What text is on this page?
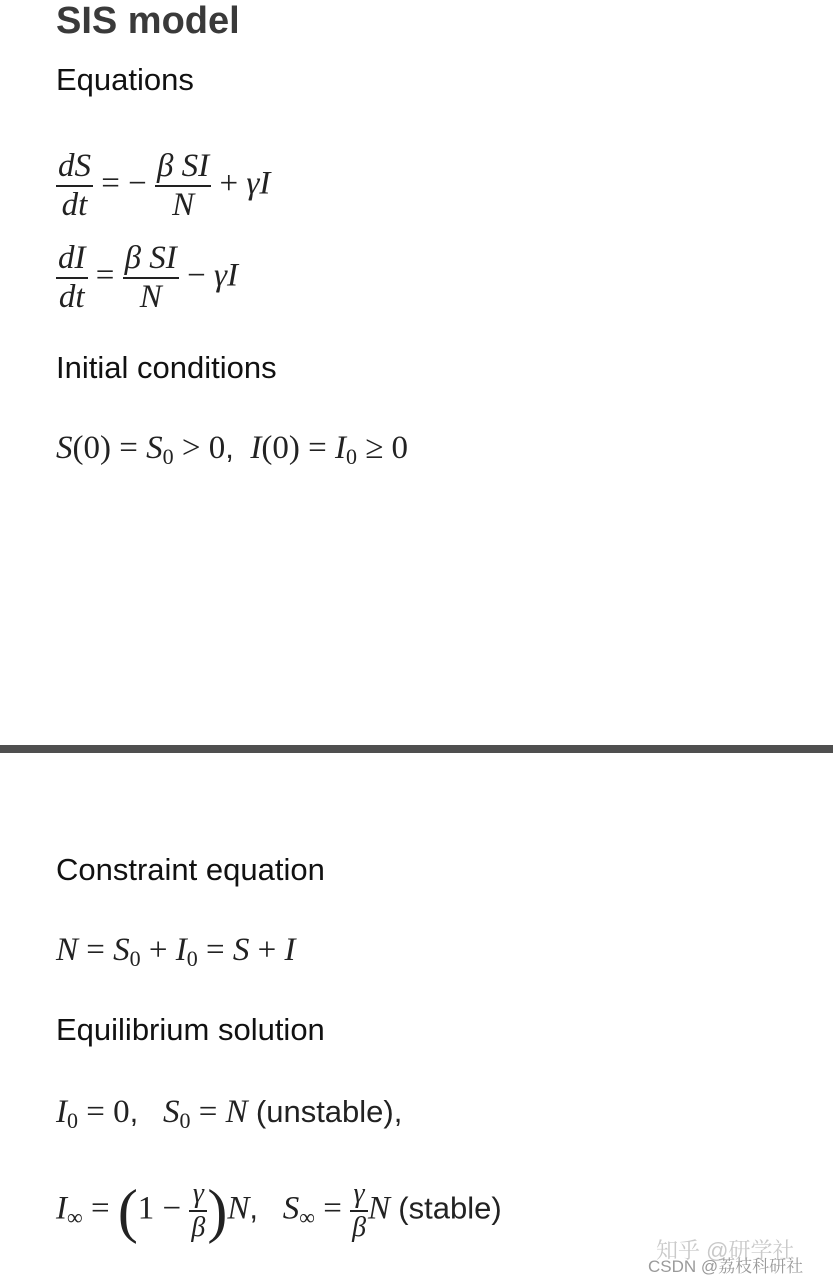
SIS model
Equations
$\frac{dS}{dt}$ = − $\frac{\text{β SI}}{N} + \gamma I$
$\frac{dI}{dt} = \frac{\text{β SI}}{N} - \gamma I$
Initial conditions
$S(0) = S_0 > 0$, $I(0) = I_0 \ge 0$
Constraint equation
$N = S_0 + I_0 = S + I$
Equilibrium solution
$I_0 = 0$, $S_0 = N$ (unstable),
$I_\infty = (1 - \frac{\gamma}{\beta} )N$, $S_\infty = \frac{\gamma}{\beta}$ N (stable)
知乎 @研学社
CSDN @荔枝科研社
